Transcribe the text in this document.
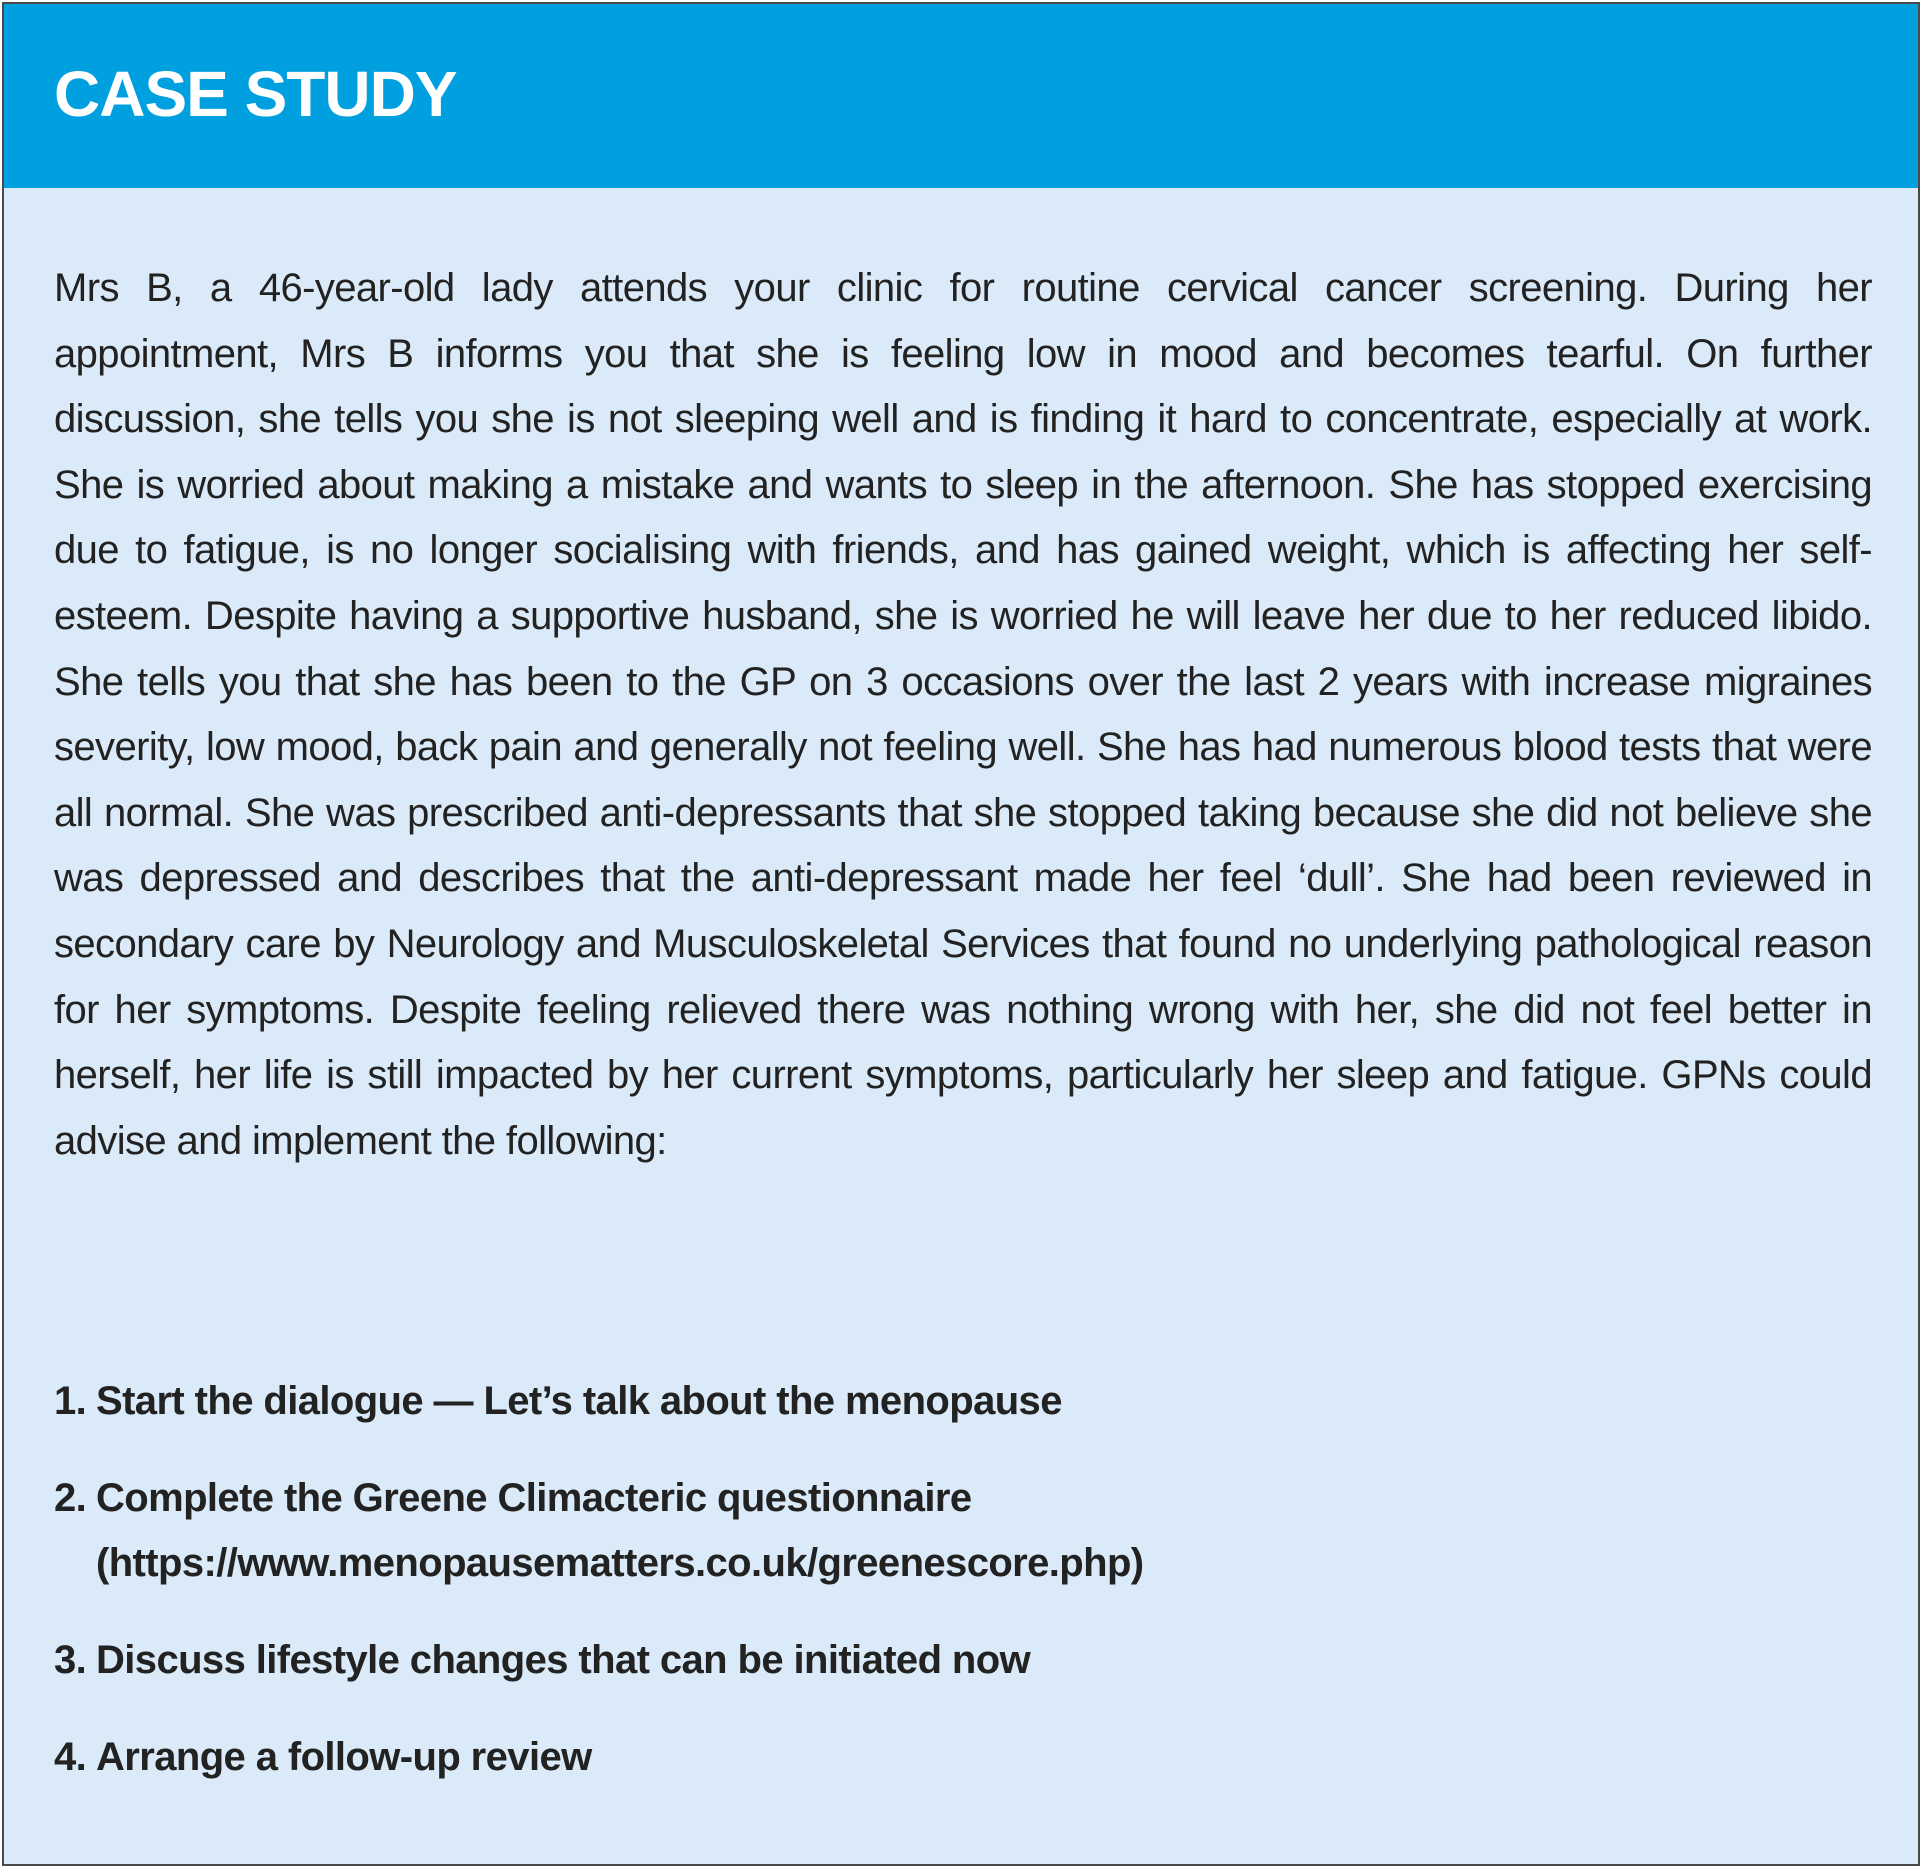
CASE STUDY

Mrs B, a 46-year-old lady attends your clinic for routine cervical cancer screening. During her appointment, Mrs B informs you that she is feeling low in mood and becomes tearful. On further discussion, she tells you she is not sleeping well and is finding it hard to concentrate, especially at work. She is worried about making a mistake and wants to sleep in the afternoon. She has stopped exercising due to fatigue, is no longer socialising with friends, and has gained weight, which is affecting her self-esteem. Despite having a supportive husband, she is worried he will leave her due to her reduced libido. She tells you that she has been to the GP on 3 occasions over the last 2 years with increase migraines severity, low mood, back pain and generally not feeling well. She has had numerous blood tests that were all normal. She was prescribed anti-depressants that she stopped taking because she did not believe she was depressed and describes that the anti-depressant made her feel ‘dull’. She had been reviewed in secondary care by Neurology and Musculoskeletal Services that found no underlying pathological reason for her symptoms. Despite feeling relieved there was nothing wrong with her, she did not feel better in herself, her life is still impacted by her current symptoms, particularly her sleep and fatigue. GPNs could advise and implement the following:

1. Start the dialogue — Let’s talk about the menopause
2. Complete the Greene Climacteric questionnaire (https://www.menopausematters.co.uk/greenescore.php)
3. Discuss lifestyle changes that can be initiated now
4. Arrange a follow-up review
